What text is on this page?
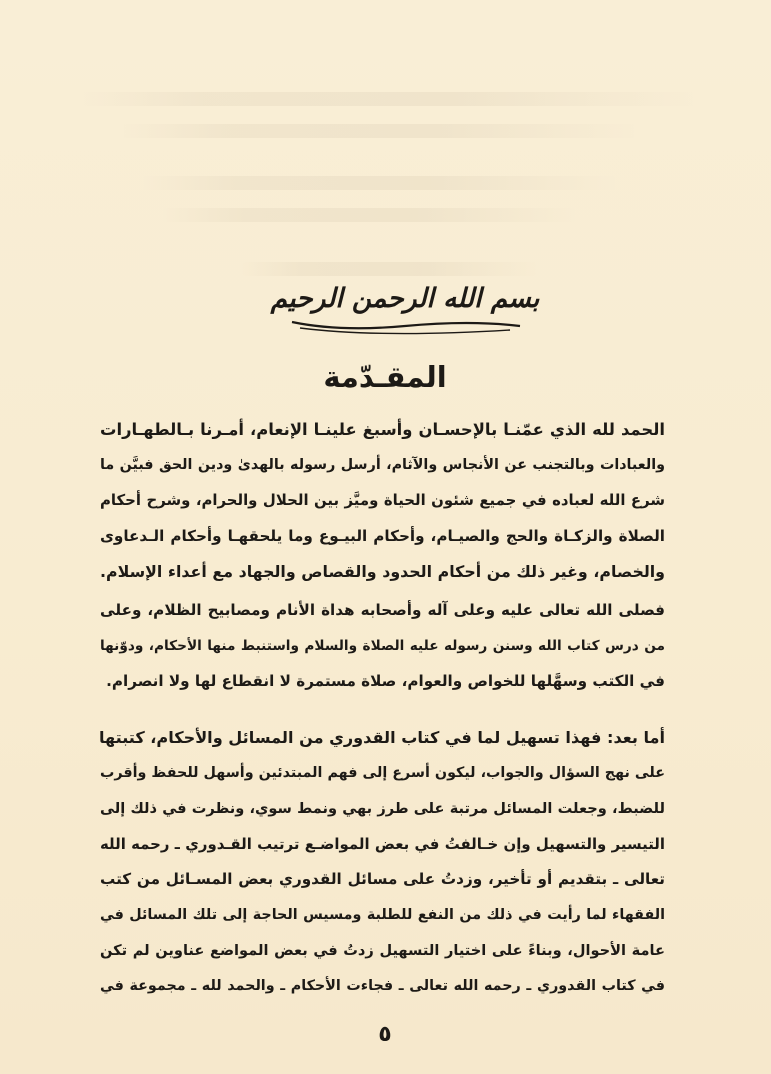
بسم الله الرحمن الرحيم
المقـدّمة
الحمد لله الذي عمّنـا بالإحسـان وأسبغ علينـا الإنعام، أمـرنا بـالطهـارات
والعبادات وبالتجنب عن الأنجاس والآثام، أرسل رسوله بالهدىٰ ودين الحق فبيَّن ما
شرع الله لعباده في جميع شئون الحياة وميَّز بين الحلال والحرام، وشرح أحكام
الصلاة والزكـاة والحج والصيـام، وأحكام البيـوع وما يلحقهـا وأحكام الـدعاوى
والخصام، وغير ذلك من أحكام الحدود والقصاص والجهاد مع أعداء الإسلام.
فصلى الله تعالى عليه وعلى آله وأصحابه هداة الأنام ومصابيح الظلام، وعلى
من درس كتاب الله وسنن رسوله عليه الصلاة والسلام واستنبط منها الأحكام، ودوّنها
في الكتب وسهَّلها للخواص والعوام، صلاة مستمرة لا انقطاع لها ولا انصرام.
أما بعد: فهذا تسهيل لما في كتاب القدوري من المسائل والأحكام، كتبتها
على نهج السؤال والجواب، ليكون أسرع إلى فهم المبتدئين وأسهل للحفظ وأقرب
للضبط، وجعلت المسائل مرتبة على طرز بهي ونمط سوي، ونظرت في ذلك إلى
التيسير والتسهيل وإن خـالفتُ في بعض المواضـع ترتيب القـدوري ـ رحمه الله
تعالى ـ بتقديم أو تأخير، وزدتُ على مسائل القدوري بعض المسـائل من كتب
الفقهاء لما رأيت في ذلك من النفع للطلبة ومسيس الحاجة إلى تلك المسائل في
عامة الأحوال، وبناءً على اختيار التسهيل زدتُ في بعض المواضع عناوين لم تكن
في كتاب القدوري ـ رحمه الله تعالى ـ فجاءت الأحكام ـ والحمد لله ـ مجموعة في
٥
